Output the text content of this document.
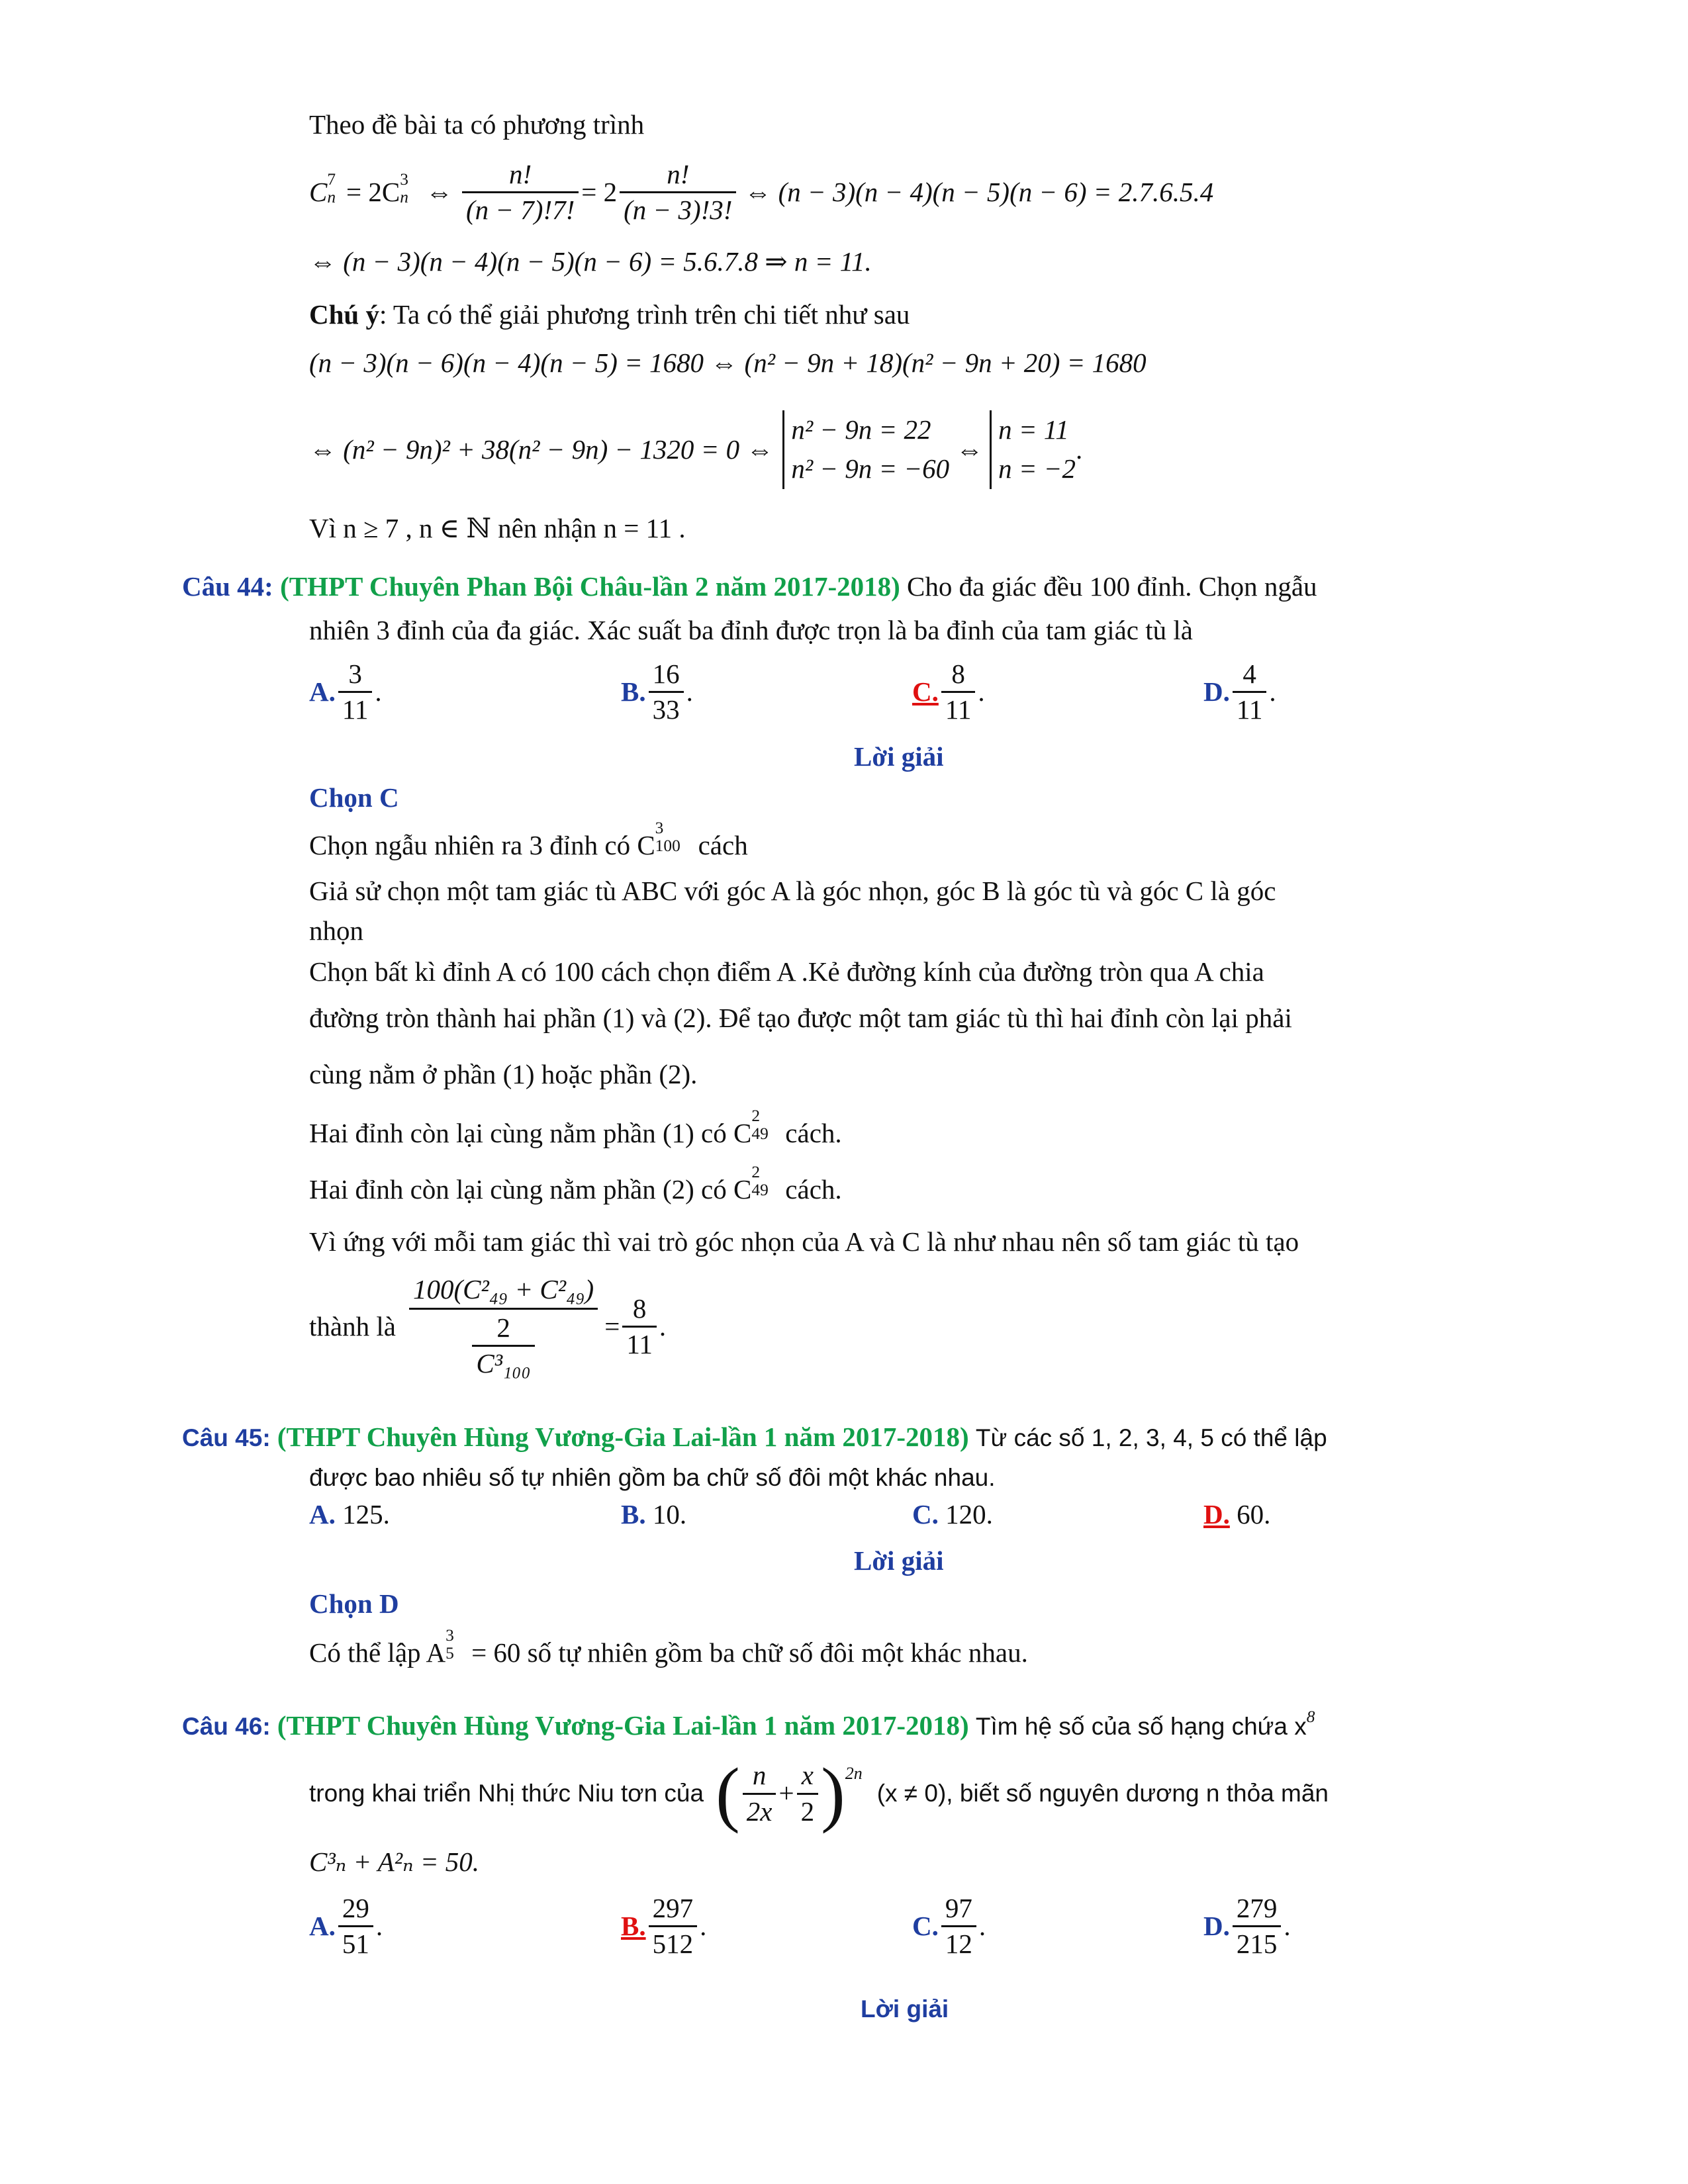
Theo đề bài ta có phương trình
C 7
n = 2C 3
n ⇔ $\frac{n!}{(n - 7)!7!} = 2 \frac{n!}{(n - 3)!3!}$ ⇔ (n − 3)(n − 4)(n − 5)(n − 6) = 2.7.6.5.4
⇔ (n − 3)(n − 4)(n − 5)(n − 6) = 5.6.7.8 ⇒ n = 11.
Chú ý: Ta có thể giải phương trình trên chi tiết như sau
(n − 3)(n − 6)(n − 4)(n − 5) = 1680 ⇔ (n² − 9n + 18)(n² − 9n + 20) = 1680
⇔ (n² − 9n)² + 38(n² − 9n) − 1320 = 0 ⇔
n² − 9n = 22
n² − 9n = −60
⇔
n = 11
n = −2
.
Vì n ≥ 7 , n ∈ ℕ nên nhận n = 11 .
Câu 44: (THPT Chuyên Phan Bội Châu-lần 2 năm 2017-2018) Cho đa giác đều 100 đỉnh. Chọn ngẫu
nhiên 3 đỉnh của đa giác. Xác suất ba đỉnh được trọn là ba đỉnh của tam giác tù là
A. $\frac{3}{11}$ .	B. $\frac{16}{33}$ .	C. $\frac{8}{11}$ .	D. $\frac{4}{11}$ .
Lời giải
Chọn C
Chọn ngẫu nhiên ra 3 đỉnh có C
3
100 cách
Giả sử chọn một tam giác tù ABC với góc A là góc nhọn, góc B là góc tù và góc C là góc
nhọn
Chọn bất kì đỉnh A có 100 cách chọn điểm A .Kẻ đường kính của đường tròn qua A chia
đường tròn thành hai phần (1) và (2). Để tạo được một tam giác tù thì hai đỉnh còn lại phải
cùng nằm ở phần (1) hoặc phần (2).
Hai đỉnh còn lại cùng nằm phần (1) có C
2
49 cách.
Hai đỉnh còn lại cùng nằm phần (2) có C
2
49 cách.
Vì ứng với mỗi tam giác thì vai trò góc nhọn của A và C là như nhau nên số tam giác tù tạo
thành là 100(C²₄₉ + C²₄₉)
2
$C^3_{100} = \frac{8}{11}$ .
Câu 45: (THPT Chuyên Hùng Vương-Gia Lai-lần 1 năm 2017-2018) Từ các số 1, 2, 3, 4, 5 có thể lập
được bao nhiêu số tự nhiên gồm ba chữ số đôi một khác nhau.
A. 125.	B. 10.	C. 120.	D. 60.
Lời giải
Chọn D
Có thể lập A
3
5 = 60 số tự nhiên gồm ba chữ số đôi một khác nhau.
Câu 46: (THPT Chuyên Hùng Vương-Gia Lai-lần 1 năm 2017-2018) Tìm hệ số của số hạng chứa $x^8$
trong khai triển Nhị thức Niu tơn của ( $\frac{n}{2x} + \frac{x}{2}$ ) 2n
(x ≠ 0), biết số nguyên dương n thỏa mãn
C³ₙ + A²ₙ = 50.
A. $\frac{29}{51}$ .	B. $\frac{297}{512}$ .	C. $\frac{97}{12}$ .	D. $\frac{279}{215}$ .
Lời giải
